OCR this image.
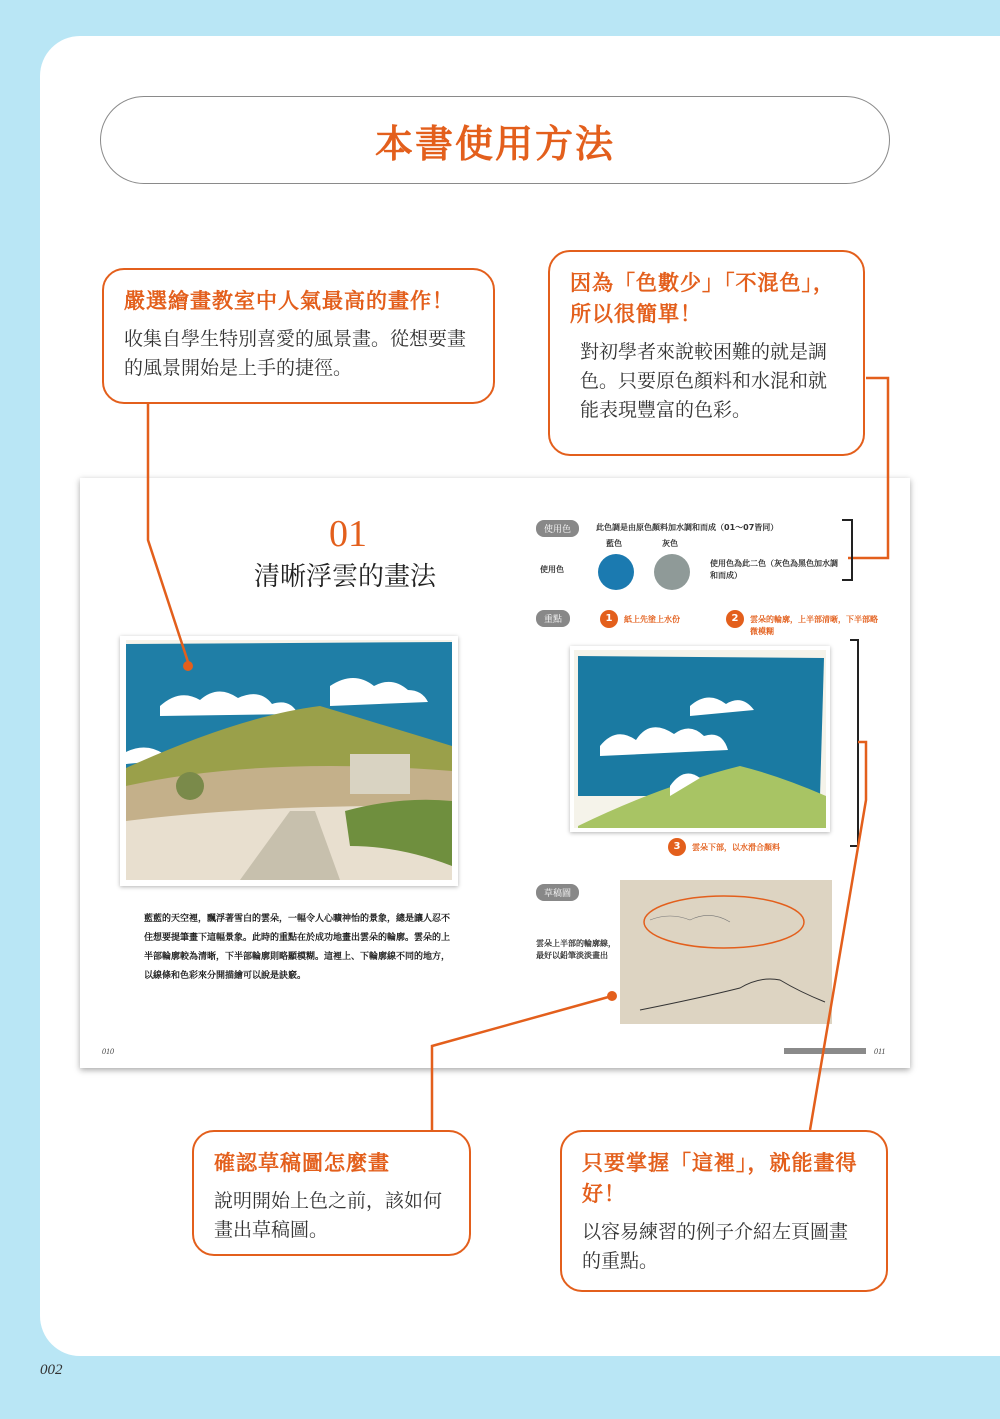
本書使用方法
嚴選繪畫教室中人氣最高的畫作！
收集自學生特別喜愛的風景畫。從想要畫的風景開始是上手的捷徑。
因為「色數少」「不混色」，所以很簡單！
對初學者來說較困難的就是調色。只要原色顏料和水混和就能表現豐富的色彩。
01
清晰浮雲的畫法
藍藍的天空裡，飄浮著雪白的雲朵，一幅令人心曠神怡的景象，總是讓人忍不住想要提筆畫下這幅景象。此時的重點在於成功地畫出雲朵的輪廓。雲朵的上半部輪廓較為清晰，下半部輪廓則略顯模糊。這裡上、下輪廓線不同的地方，以線條和色彩來分開描繪可以說是訣竅。
010
使用色	此色調是由原色顏料加水調和而成（01～07皆同）
使用色
藍色	灰色
使用色為此二色（灰色為黑色加水調和而成）
重點	1	紙上先塗上水份	2	雲朵的輪廓，上半部清晰，下半部略微模糊
3	雲朵下部，以水滑合顏料
草稿圖
雲朵上半部的輪廓線，最好以鉛筆淡淡畫出
011
確認草稿圖怎麼畫
說明開始上色之前，該如何畫出草稿圖。
只要掌握「這裡」，就能畫得好！
以容易練習的例子介紹左頁圖畫的重點。
002
